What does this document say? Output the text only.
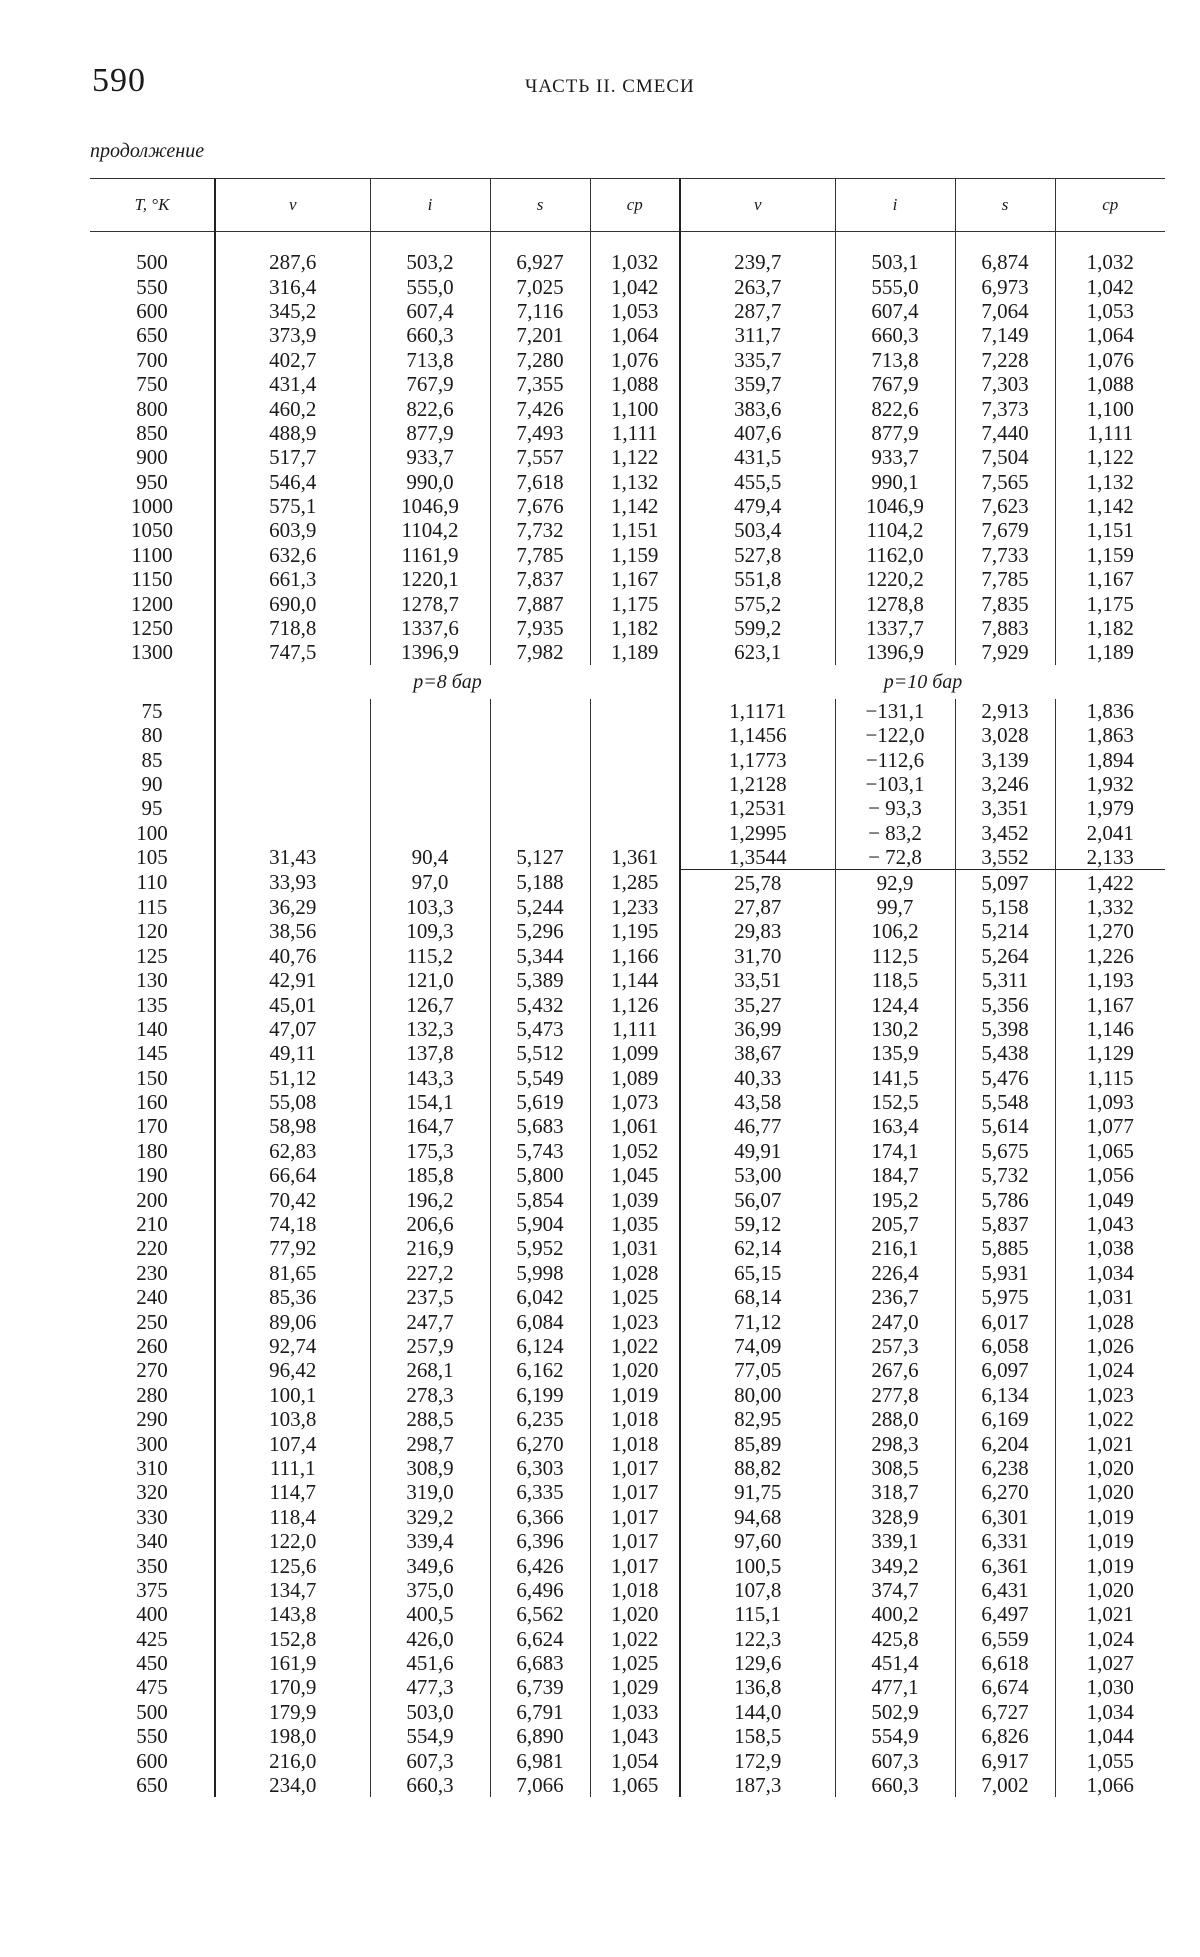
590	ЧАСТЬ II. СМЕСИ
продолжение
T, °K	v	i	s	cp	v	i	s	cp

500	287,6	503,2	6,927	1,032	239,7	503,1	6,874	1,032
550	316,4	555,0	7,025	1,042	263,7	555,0	6,973	1,042
600	345,2	607,4	7,116	1,053	287,7	607,4	7,064	1,053
650	373,9	660,3	7,201	1,064	311,7	660,3	7,149	1,064
700	402,7	713,8	7,280	1,076	335,7	713,8	7,228	1,076
750	431,4	767,9	7,355	1,088	359,7	767,9	7,303	1,088
800	460,2	822,6	7,426	1,100	383,6	822,6	7,373	1,100
850	488,9	877,9	7,493	1,111	407,6	877,9	7,440	1,111
900	517,7	933,7	7,557	1,122	431,5	933,7	7,504	1,122
950	546,4	990,0	7,618	1,132	455,5	990,1	7,565	1,132
1000	575,1	1046,9	7,676	1,142	479,4	1046,9	7,623	1,142
1050	603,9	1104,2	7,732	1,151	503,4	1104,2	7,679	1,151
1100	632,6	1161,9	7,785	1,159	527,8	1162,0	7,733	1,159
1150	661,3	1220,1	7,837	1,167	551,8	1220,2	7,785	1,167
1200	690,0	1278,7	7,887	1,175	575,2	1278,8	7,835	1,175
1250	718,8	1337,6	7,935	1,182	599,2	1337,7	7,883	1,182
1300	747,5	1396,9	7,982	1,189	623,1	1396,9	7,929	1,189
	p=8 бар				p=10 бар			
75					1,1171	−131,1	2,913	1,836
80					1,1456	−122,0	3,028	1,863
85					1,1773	−112,6	3,139	1,894
90					1,2128	−103,1	3,246	1,932
95					1,2531	− 93,3	3,351	1,979
100					1,2995	− 83,2	3,452	2,041
105	31,43	90,4	5,127	1,361	1,3544	− 72,8	3,552	2,133
110	33,93	97,0	5,188	1,285	25,78	92,9	5,097	1,422
115	36,29	103,3	5,244	1,233	27,87	99,7	5,158	1,332
120	38,56	109,3	5,296	1,195	29,83	106,2	5,214	1,270
125	40,76	115,2	5,344	1,166	31,70	112,5	5,264	1,226
130	42,91	121,0	5,389	1,144	33,51	118,5	5,311	1,193
135	45,01	126,7	5,432	1,126	35,27	124,4	5,356	1,167
140	47,07	132,3	5,473	1,111	36,99	130,2	5,398	1,146
145	49,11	137,8	5,512	1,099	38,67	135,9	5,438	1,129
150	51,12	143,3	5,549	1,089	40,33	141,5	5,476	1,115
160	55,08	154,1	5,619	1,073	43,58	152,5	5,548	1,093
170	58,98	164,7	5,683	1,061	46,77	163,4	5,614	1,077
180	62,83	175,3	5,743	1,052	49,91	174,1	5,675	1,065
190	66,64	185,8	5,800	1,045	53,00	184,7	5,732	1,056
200	70,42	196,2	5,854	1,039	56,07	195,2	5,786	1,049
210	74,18	206,6	5,904	1,035	59,12	205,7	5,837	1,043
220	77,92	216,9	5,952	1,031	62,14	216,1	5,885	1,038
230	81,65	227,2	5,998	1,028	65,15	226,4	5,931	1,034
240	85,36	237,5	6,042	1,025	68,14	236,7	5,975	1,031
250	89,06	247,7	6,084	1,023	71,12	247,0	6,017	1,028
260	92,74	257,9	6,124	1,022	74,09	257,3	6,058	1,026
270	96,42	268,1	6,162	1,020	77,05	267,6	6,097	1,024
280	100,1	278,3	6,199	1,019	80,00	277,8	6,134	1,023
290	103,8	288,5	6,235	1,018	82,95	288,0	6,169	1,022
300	107,4	298,7	6,270	1,018	85,89	298,3	6,204	1,021
310	111,1	308,9	6,303	1,017	88,82	308,5	6,238	1,020
320	114,7	319,0	6,335	1,017	91,75	318,7	6,270	1,020
330	118,4	329,2	6,366	1,017	94,68	328,9	6,301	1,019
340	122,0	339,4	6,396	1,017	97,60	339,1	6,331	1,019
350	125,6	349,6	6,426	1,017	100,5	349,2	6,361	1,019
375	134,7	375,0	6,496	1,018	107,8	374,7	6,431	1,020
400	143,8	400,5	6,562	1,020	115,1	400,2	6,497	1,021
425	152,8	426,0	6,624	1,022	122,3	425,8	6,559	1,024
450	161,9	451,6	6,683	1,025	129,6	451,4	6,618	1,027
475	170,9	477,3	6,739	1,029	136,8	477,1	6,674	1,030
500	179,9	503,0	6,791	1,033	144,0	502,9	6,727	1,034
550	198,0	554,9	6,890	1,043	158,5	554,9	6,826	1,044
600	216,0	607,3	6,981	1,054	172,9	607,3	6,917	1,055
650	234,0	660,3	7,066	1,065	187,3	660,3	7,002	1,066
